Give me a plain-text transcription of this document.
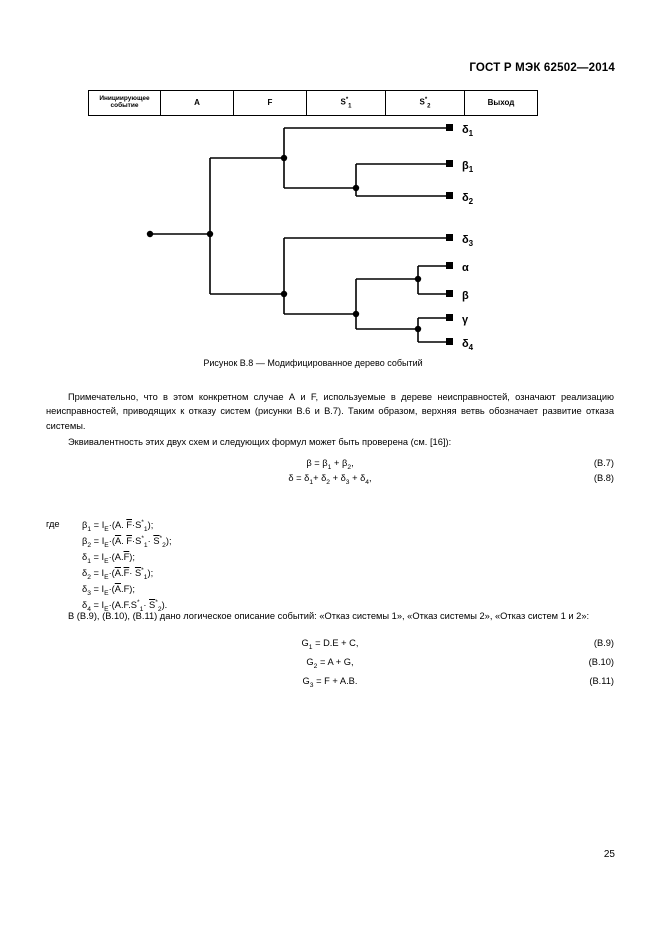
ГОСТ Р МЭК 62502—2014
Инициирующее событие	A	F	$S^*_1$	$S^*_2$	Выход
$\delta_1$
$\beta_1$
$\delta_2$
$\delta_3$
α
β
γ
$\delta_4$
Рисунок В.8 — Модифицированное дерево событий

Примечательно, что в этом конкретном случае А и F, используемые в дереве неисправностей, означают реализацию неисправностей, приводящих к отказу систем (рисунки В.6 и В.7). Таким образом, верхняя ветвь обозначает развитие отказа системы.

Эквивалентность этих двух схем и следующих формул может быть проверена (см. [16]):

$\beta = \beta_1 + \beta_2$,	(В.7)
$\delta = \delta_1+ \delta_2 + \delta_3 + \delta_4$,	(В.8)
где $\beta_1 = I_E\cdot(A$. $\overline{F}\cdot S^*_1$);
$\beta_2 = I_E\cdot(\overline{A}$. $\overline{F}\cdot S^*_1\cdot \overline{S}^*_2$);
$\delta_1 = I_E\cdot(A.\overline{F})$;
$\delta_2 = I_E\cdot(\overline{A}.\overline{F}\cdot \overline{S}^*_1)$;
$\delta_3 = I_E\cdot(\overline{A}.F)$;
$\delta_4 = I_E\cdot(A.F.S^*_1\cdot \overline{S}^*_2)$.

В (В.9), (В.10), (В.11) дано логическое описание событий: «Отказ системы 1», «Отказ системы 2», «Отказ систем 1 и 2»:

$G_1 = D.E + C$,	(В.9)
$G_2 = A + G$,	(В.10)
$G_3 = F + A.B$.	(В.11)
25
